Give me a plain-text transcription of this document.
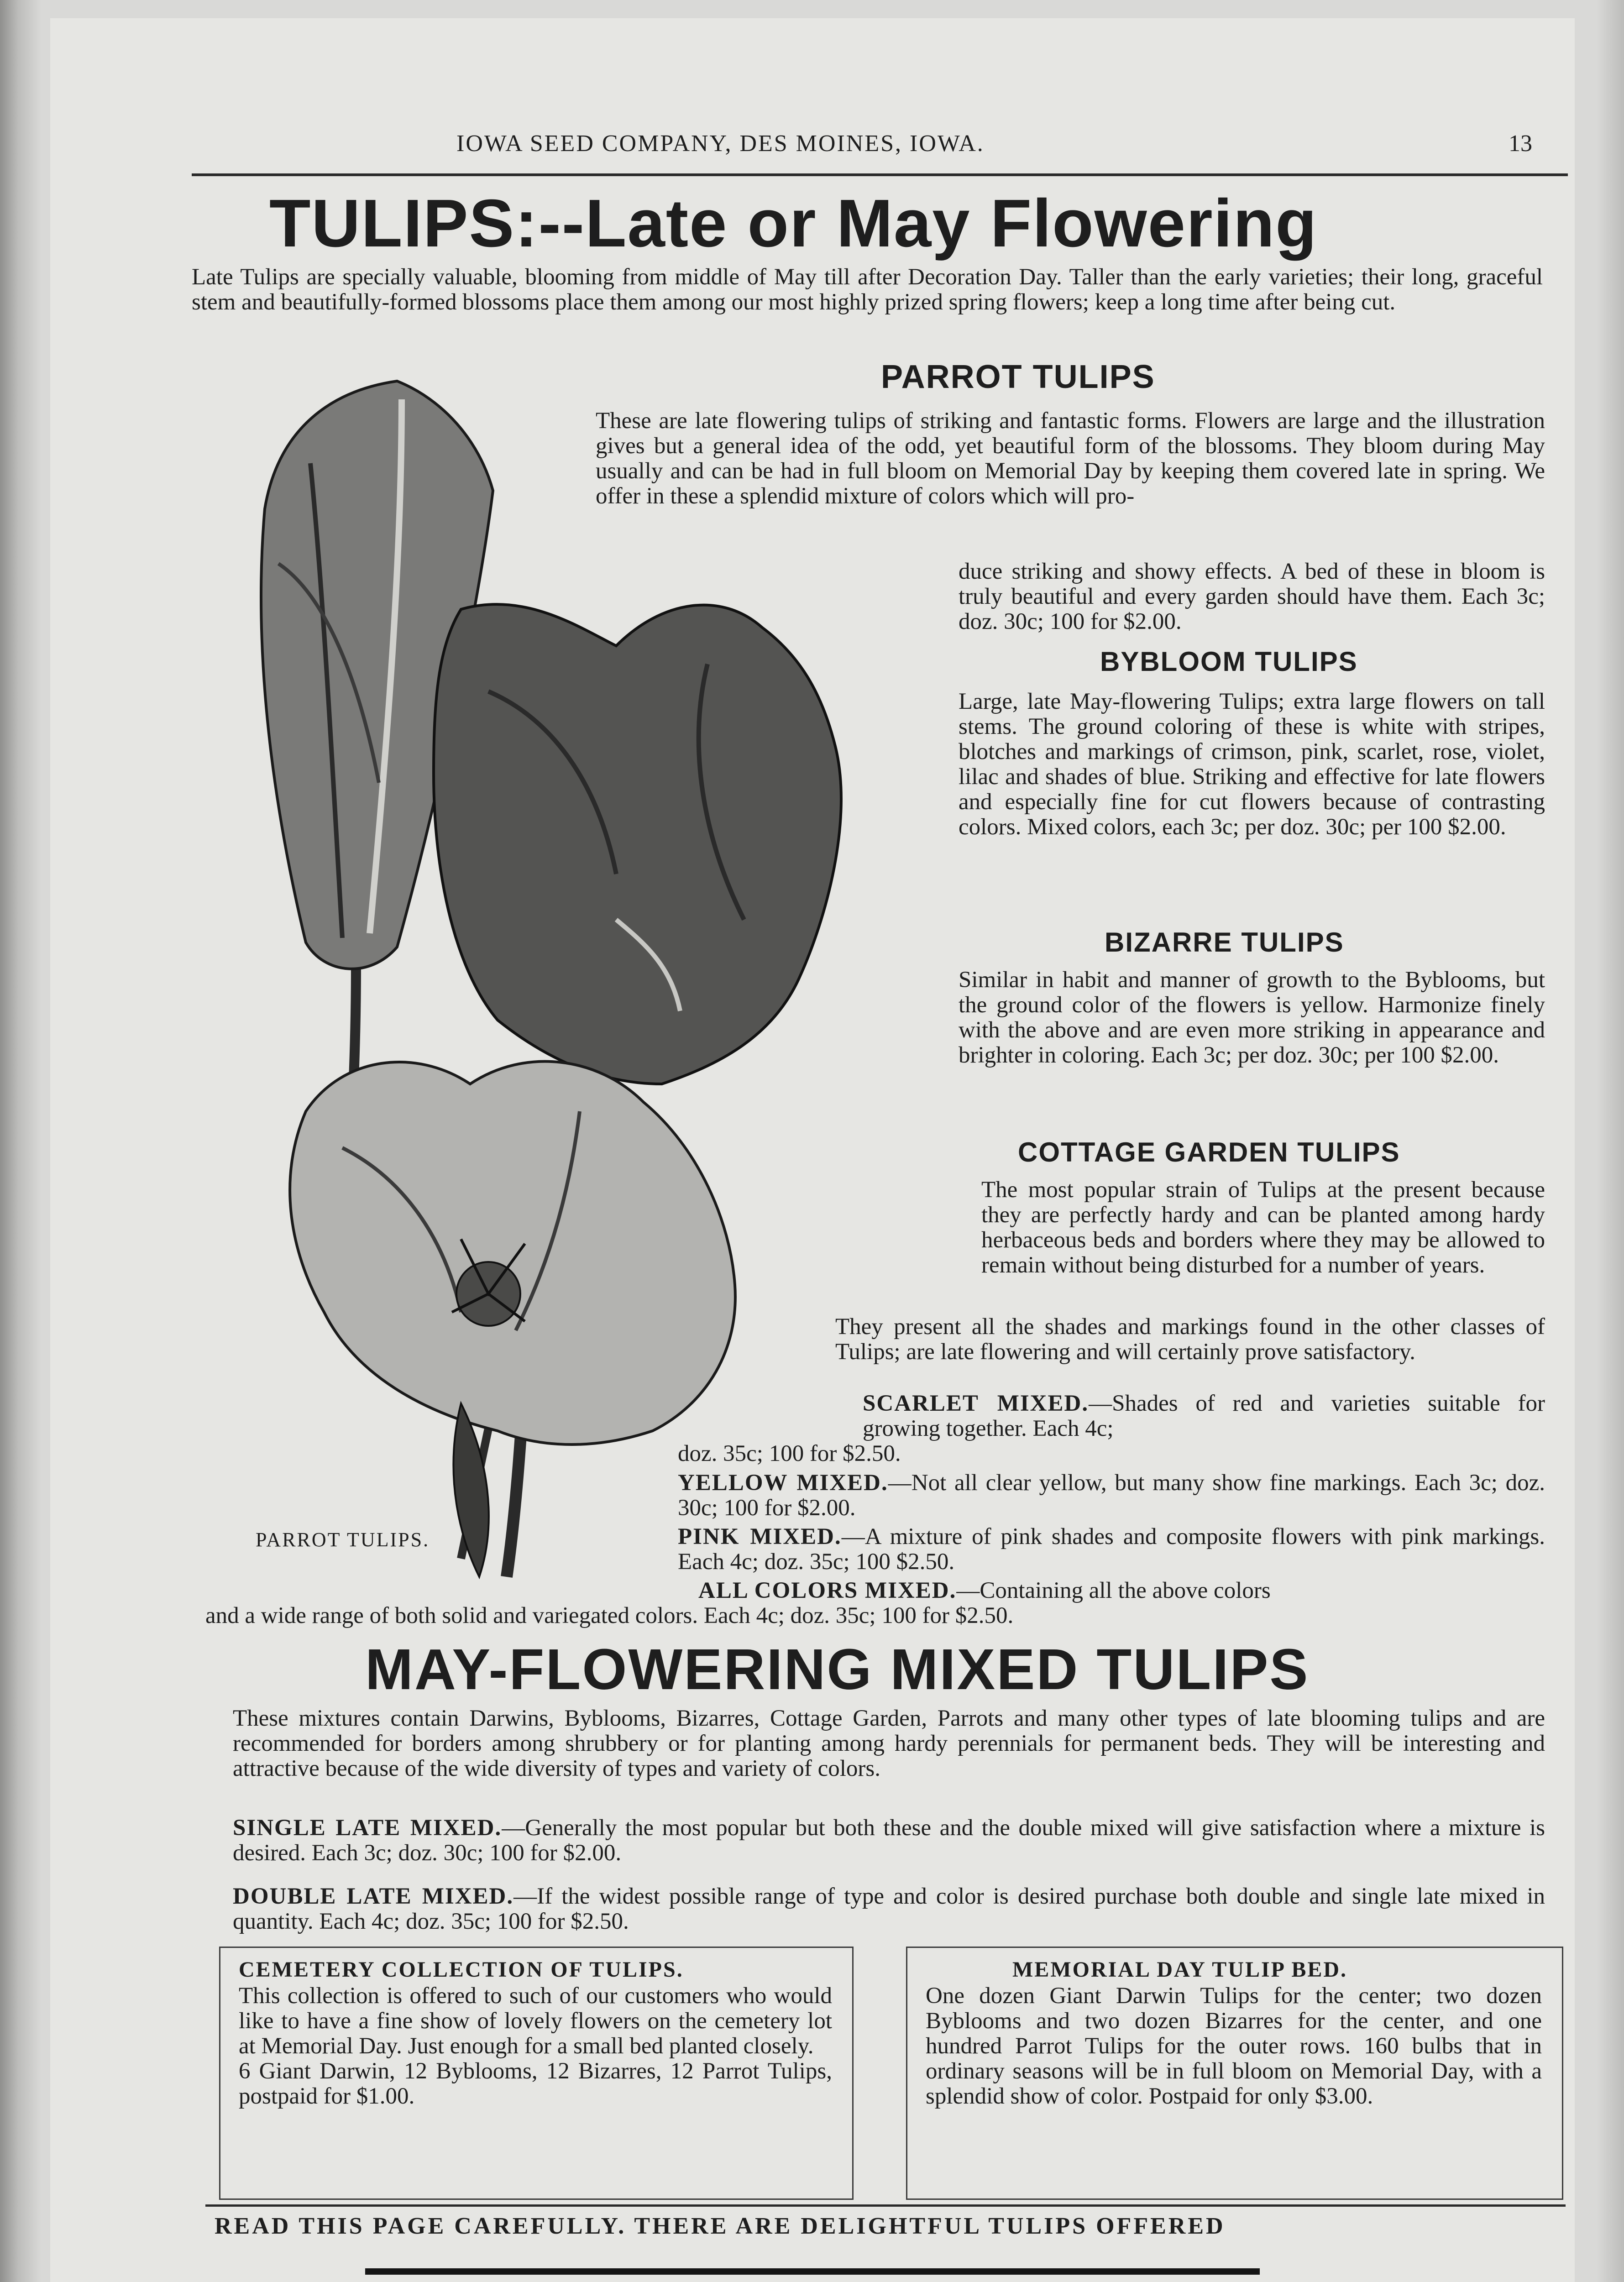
IOWA SEED COMPANY, DES MOINES, IOWA.	13
TULIPS:--Late or May Flowering

Late Tulips are specially valuable, blooming from middle of May till after Decoration Day. Taller than the early varieties; their long, graceful stem and beautifully-formed blossoms place them among our most highly prized spring flowers; keep a long time after being cut.

PARROT TULIPS

These are late flowering tulips of striking and fantastic forms. Flowers are large and the illustration gives but a general idea of the odd, yet beautiful form of the blossoms. They bloom during May usually and can be had in full bloom on Memorial Day by keeping them covered late in spring. We offer in these a splendid mixture of colors which will pro-

duce striking and showy effects. A bed of these in bloom is truly beautiful and every garden should have them. Each 3c; doz. 30c; 100 for $2.00.

BYBLOOM TULIPS

Large, late May-flowering Tulips; extra large flowers on tall stems. The ground coloring of these is white with stripes, blotches and markings of crimson, pink, scarlet, rose, violet, lilac and shades of blue. Striking and effective for late flowers and especially fine for cut flowers because of contrasting colors. Mixed colors, each 3c; per doz. 30c; per 100 $2.00.

BIZARRE TULIPS

Similar in habit and manner of growth to the Byblooms, but the ground color of the flowers is yellow. Harmonize finely with the above and are even more striking in appearance and brighter in coloring. Each 3c; per doz. 30c; per 100 $2.00.

COTTAGE GARDEN TULIPS

The most popular strain of Tulips at the present because they are perfectly hardy and can be planted among hardy herbaceous beds and borders where they may be allowed to remain without being disturbed for a number of years.

They present all the shades and markings found in the other classes of Tulips; are late flowering and will certainly prove satisfactory.

SCARLET MIXED.—Shades of red and varieties suitable for growing together. Each 4c;

doz. 35c; 100 for $2.50.

YELLOW MIXED.—Not all clear yellow, but many show fine markings. Each 3c; doz. 30c; 100 for $2.00.

PINK MIXED.—A mixture of pink shades and composite flowers with pink markings. Each 4c; doz. 35c; 100 $2.50.

ALL COLORS MIXED.—Containing all the above colors

and a wide range of both solid and variegated colors. Each 4c; doz. 35c; 100 for $2.50.

PARROT TULIPS.
MAY-FLOWERING MIXED TULIPS

These mixtures contain Darwins, Byblooms, Bizarres, Cottage Garden, Parrots and many other types of late blooming tulips and are recommended for borders among shrubbery or for planting among hardy perennials for permanent beds. They will be interesting and attractive because of the wide diversity of types and variety of colors.

SINGLE LATE MIXED.—Generally the most popular but both these and the double mixed will give satisfaction where a mixture is desired. Each 3c; doz. 30c; 100 for $2.00.

DOUBLE LATE MIXED.—If the widest possible range of type and color is desired purchase both double and single late mixed in quantity. Each 4c; doz. 35c; 100 for $2.50.

CEMETERY COLLECTION OF TULIPS.

This collection is offered to such of our customers who would like to have a fine show of lovely flowers on the cemetery lot at Memorial Day. Just enough for a small bed planted closely.

6 Giant Darwin, 12 Byblooms, 12 Bizarres, 12 Parrot Tulips, postpaid for $1.00.

MEMORIAL DAY TULIP BED.

One dozen Giant Darwin Tulips for the center; two dozen Byblooms and two dozen Bizarres for the center, and one hundred Parrot Tulips for the outer rows. 160 bulbs that in ordinary seasons will be in full bloom on Memorial Day, with a splendid show of color. Postpaid for only $3.00.

READ THIS PAGE CAREFULLY. THERE ARE DELIGHTFUL TULIPS OFFERED
